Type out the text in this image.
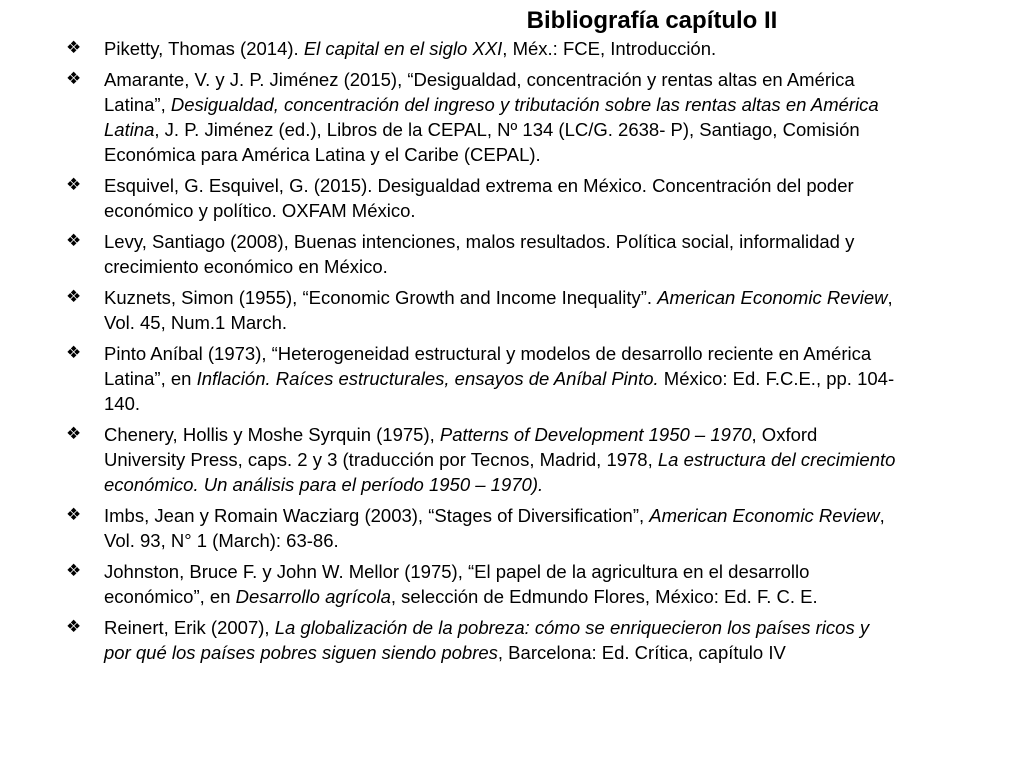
Bibliografía capítulo II
❖ Piketty, Thomas (2014). El capital en el siglo XXI, Méx.: FCE, Introducción.
❖ Amarante, V. y J. P. Jiménez (2015), “Desigualdad, concentración y rentas altas en América Latina”, Desigualdad, concentración del ingreso y tributación sobre las rentas altas en América Latina, J. P. Jiménez (ed.), Libros de la CEPAL, Nº 134 (LC/G. 2638- P), Santiago, Comisión Económica para América Latina y el Caribe (CEPAL).
❖ Esquivel, G. Esquivel, G. (2015). Desigualdad extrema en México. Concentración del poder económico y político. OXFAM México.
❖ Levy, Santiago (2008), Buenas intenciones, malos resultados. Política social, informalidad y crecimiento económico en México.
❖ Kuznets, Simon (1955), “Economic Growth and Income Inequality”. American Economic Review, Vol. 45, Num.1 March.
❖ Pinto Aníbal (1973), “Heterogeneidad estructural y modelos de desarrollo reciente en América Latina”, en Inflación. Raíces estructurales, ensayos de Aníbal Pinto. México: Ed. F.C.E., pp. 104-140.
❖ Chenery, Hollis y Moshe Syrquin (1975), Patterns of Development 1950 – 1970, Oxford University Press, caps. 2 y 3 (traducción por Tecnos, Madrid, 1978, La estructura del crecimiento económico. Un análisis para el período 1950 – 1970).
❖ Imbs, Jean y Romain Wacziarg (2003), “Stages of Diversification”, American Economic Review, Vol. 93, N° 1 (March): 63-86.
❖ Johnston, Bruce F. y John W. Mellor (1975), “El papel de la agricultura en el desarrollo económico”, en Desarrollo agrícola, selección de Edmundo Flores, México: Ed. F. C. E.
❖ Reinert, Erik (2007), La globalización de la pobreza: cómo se enriquecieron los países ricos y por qué los países pobres siguen siendo pobres, Barcelona: Ed. Crítica, capítulo IV
